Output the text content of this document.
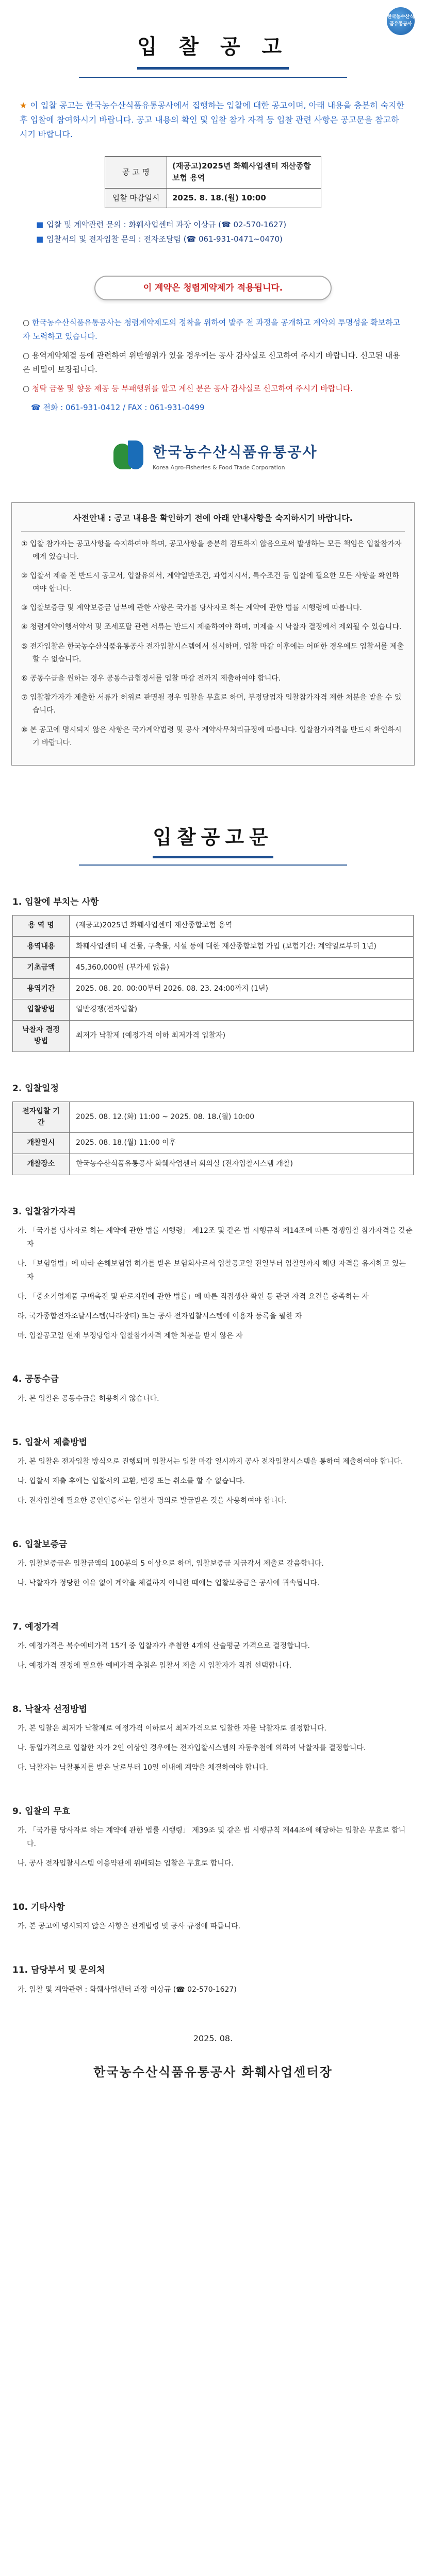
한국농수산식품유통공사
입 찰 공 고

★ 이 입찰 공고는 한국농수산식품유통공사에서 집행하는 입찰에 대한 공고이며, 아래 내용을 충분히 숙지한 후 입찰에 참여하시기 바랍니다. 공고 내용의 확인 및 입찰 참가 자격 등 입찰 관련 사항은 공고문을 참고하시기 바랍니다.

공 고 명	(재공고)2025년 화훼사업센터 재산종합보험 용역
입찰 마감일시	2025. 8. 18.(월) 10:00
■ 입찰 및 계약관련 문의 : 화훼사업센터 과장 이상규 (☎ 02-570-1627)
■ 입찰서의 및 전자입찰 문의 : 전자조달팀 (☎ 061-931-0471~0470)
이 계약은 청렴계약제가 적용됩니다.

○ 한국농수산식품유통공사는 청렴계약제도의 정착을 위하여 발주 전 과정을 공개하고 계약의 투명성을 확보하고자 노력하고 있습니다.

○ 용역계약체결 등에 관련하여 위반행위가 있을 경우에는 공사 감사실로 신고하여 주시기 바랍니다. 신고된 내용은 비밀이 보장됩니다.

○ 청탁 금품 및 향응 제공 등 부패행위를 알고 계신 분은 공사 감사실로 신고하여 주시기 바랍니다.

☎ 전화 : 061-931-0412 / FAX : 061-931-0499

한국농수산식품유통공사
Korea Agro-Fisheries & Food Trade Corporation
사전안내 : 공고 내용을 확인하기 전에 아래 안내사항을 숙지하시기 바랍니다.
① 입찰 참가자는 공고사항을 숙지하여야 하며, 공고사항을 충분히 검토하지 않음으로써 발생하는 모든 책임은 입찰참가자에게 있습니다.
② 입찰서 제출 전 반드시 공고서, 입찰유의서, 계약일반조건, 과업지시서, 특수조건 등 입찰에 필요한 모든 사항을 확인하여야 합니다.
③ 입찰보증금 및 계약보증금 납부에 관한 사항은 국가를 당사자로 하는 계약에 관한 법률 시행령에 따릅니다.
④ 청렴계약이행서약서 및 조세포탈 관련 서류는 반드시 제출하여야 하며, 미제출 시 낙찰자 결정에서 제외될 수 있습니다.
⑤ 전자입찰은 한국농수산식품유통공사 전자입찰시스템에서 실시하며, 입찰 마감 이후에는 어떠한 경우에도 입찰서를 제출할 수 없습니다.
⑥ 공동수급을 원하는 경우 공동수급협정서를 입찰 마감 전까지 제출하여야 합니다.
⑦ 입찰참가자가 제출한 서류가 허위로 판명될 경우 입찰을 무효로 하며, 부정당업자 입찰참가자격 제한 처분을 받을 수 있습니다.
⑧ 본 공고에 명시되지 않은 사항은 국가계약법령 및 공사 계약사무처리규정에 따릅니다. 입찰참가자격을 반드시 확인하시기 바랍니다.
입찰공고문
1. 입찰에 부치는 사항
용 역 명	(재공고)2025년 화훼사업센터 재산종합보험 용역
용역내용	화훼사업센터 내 건물, 구축물, 시설 등에 대한 재산종합보험 가입 (보험기간: 계약일로부터 1년)
기초금액	45,360,000원 (부가세 없음)
용역기간	2025. 08. 20. 00:00부터 2026. 08. 23. 24:00까지 (1년)
입찰방법	일반경쟁(전자입찰)
낙찰자 결정방법	최저가 낙찰제 (예정가격 이하 최저가격 입찰자)
2. 입찰일정
전자입찰 기간	2025. 08. 12.(화) 11:00 ~ 2025. 08. 18.(월) 10:00
개찰일시	2025. 08. 18.(월) 11:00 이후
개찰장소	한국농수산식품유통공사 화훼사업센터 회의실 (전자입찰시스템 개찰)
3. 입찰참가자격

가. 「국가를 당사자로 하는 계약에 관한 법률 시행령」 제12조 및 같은 법 시행규칙 제14조에 따른 경쟁입찰 참가자격을 갖춘 자

나. 「보험업법」에 따라 손해보험업 허가를 받은 보험회사로서 입찰공고일 전일부터 입찰일까지 해당 자격을 유지하고 있는 자

다. 「중소기업제품 구매촉진 및 판로지원에 관한 법률」에 따른 직접생산 확인 등 관련 자격 요건을 충족하는 자

라. 국가종합전자조달시스템(나라장터) 또는 공사 전자입찰시스템에 이용자 등록을 필한 자

마. 입찰공고일 현재 부정당업자 입찰참가자격 제한 처분을 받지 않은 자

4. 공동수급

가. 본 입찰은 공동수급을 허용하지 않습니다.

5. 입찰서 제출방법

가. 본 입찰은 전자입찰 방식으로 진행되며 입찰서는 입찰 마감 일시까지 공사 전자입찰시스템을 통하여 제출하여야 합니다.

나. 입찰서 제출 후에는 입찰서의 교환, 변경 또는 취소를 할 수 없습니다.

다. 전자입찰에 필요한 공인인증서는 입찰자 명의로 발급받은 것을 사용하여야 합니다.

6. 입찰보증금

가. 입찰보증금은 입찰금액의 100분의 5 이상으로 하며, 입찰보증금 지급각서 제출로 갈음합니다.

나. 낙찰자가 정당한 이유 없이 계약을 체결하지 아니한 때에는 입찰보증금은 공사에 귀속됩니다.

7. 예정가격

가. 예정가격은 복수예비가격 15개 중 입찰자가 추첨한 4개의 산술평균 가격으로 결정합니다.

나. 예정가격 결정에 필요한 예비가격 추첨은 입찰서 제출 시 입찰자가 직접 선택합니다.

8. 낙찰자 선정방법

가. 본 입찰은 최저가 낙찰제로 예정가격 이하로서 최저가격으로 입찰한 자를 낙찰자로 결정합니다.

나. 동일가격으로 입찰한 자가 2인 이상인 경우에는 전자입찰시스템의 자동추첨에 의하여 낙찰자를 결정합니다.

다. 낙찰자는 낙찰통지를 받은 날로부터 10일 이내에 계약을 체결하여야 합니다.

9. 입찰의 무효

가. 「국가를 당사자로 하는 계약에 관한 법률 시행령」 제39조 및 같은 법 시행규칙 제44조에 해당하는 입찰은 무효로 합니다.

나. 공사 전자입찰시스템 이용약관에 위배되는 입찰은 무효로 합니다.

10. 기타사항

가. 본 공고에 명시되지 않은 사항은 관계법령 및 공사 규정에 따릅니다.

11. 담당부서 및 문의처

가. 입찰 및 계약관련 : 화훼사업센터 과장 이상규 (☎ 02-570-1627)

2025. 08.
한국농수산식품유통공사 화훼사업센터장
